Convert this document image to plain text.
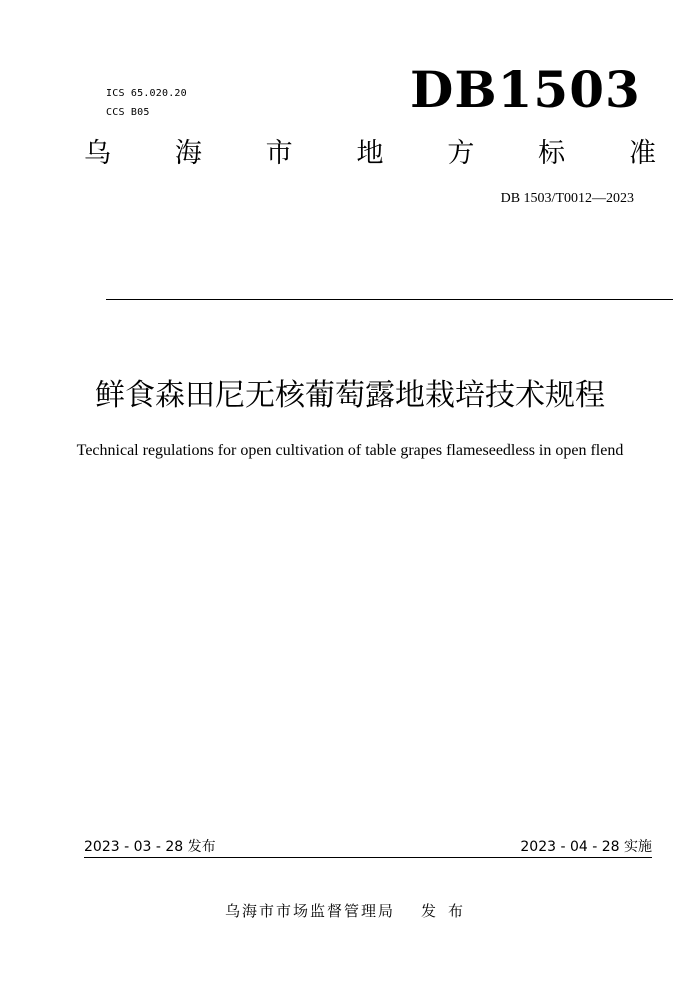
ICS 65.020.20
CCS B05	DB1503
乌 海 市 地 方 标 准
DB 1503/T0012—2023
鲜食森田尼无核葡萄露地栽培技术规程
Technical regulations for open cultivation of table grapes flameseedless in open flend
2023 - 03 - 28 发布	2023 - 04 - 28 实施
乌海市市场监督管理局 发布
